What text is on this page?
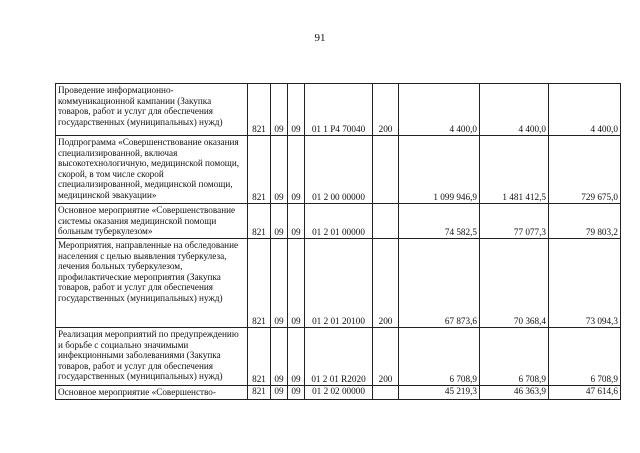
91
Проведение информационно-коммуникационной кампании (Закупка товаров, работ и услуг для обеспечения государственных (муниципальных) нужд)	821	09	09	01 1 Р4 70040	200	4 400,0	4 400,0	4 400,0
Подпрограмма «Совершенствование оказания специализированной, включая высокотехнологичную, медицинской помощи, скорой, в том числе скорой специализированной, медицинской помощи, медицинской эвакуации»	821	09	09	01 2 00 00000		1 099 946,9	1 481 412,5	729 675,0
Основное мероприятие «Совершенствование системы оказания медицинской помощи больным туберкулезом»	821	09	09	01 2 01 00000		74 582,5	77 077,3	79 803,2
Мероприятия, направленные на обследование населения с целью выявления туберкулеза, лечения больных туберкулезом, профилактические мероприятия (Закупка товаров, работ и услуг для обеспечения государственных (муниципальных) нужд)	821	09	09	01 2 01 20100	200	67 873,6	70 368,4	73 094,3
Реализация мероприятий по предупреждению и борьбе с социально значимыми инфекционными заболеваниями (Закупка товаров, работ и услуг для обеспечения государственных (муниципальных) нужд)	821	09	09	01 2 01 R2020	200	6 708,9	6 708,9	6 708,9
Основное мероприятие «Совершенство-	821	09	09	01 2 02 00000		45 219,3	46 363,9	47 614,6
